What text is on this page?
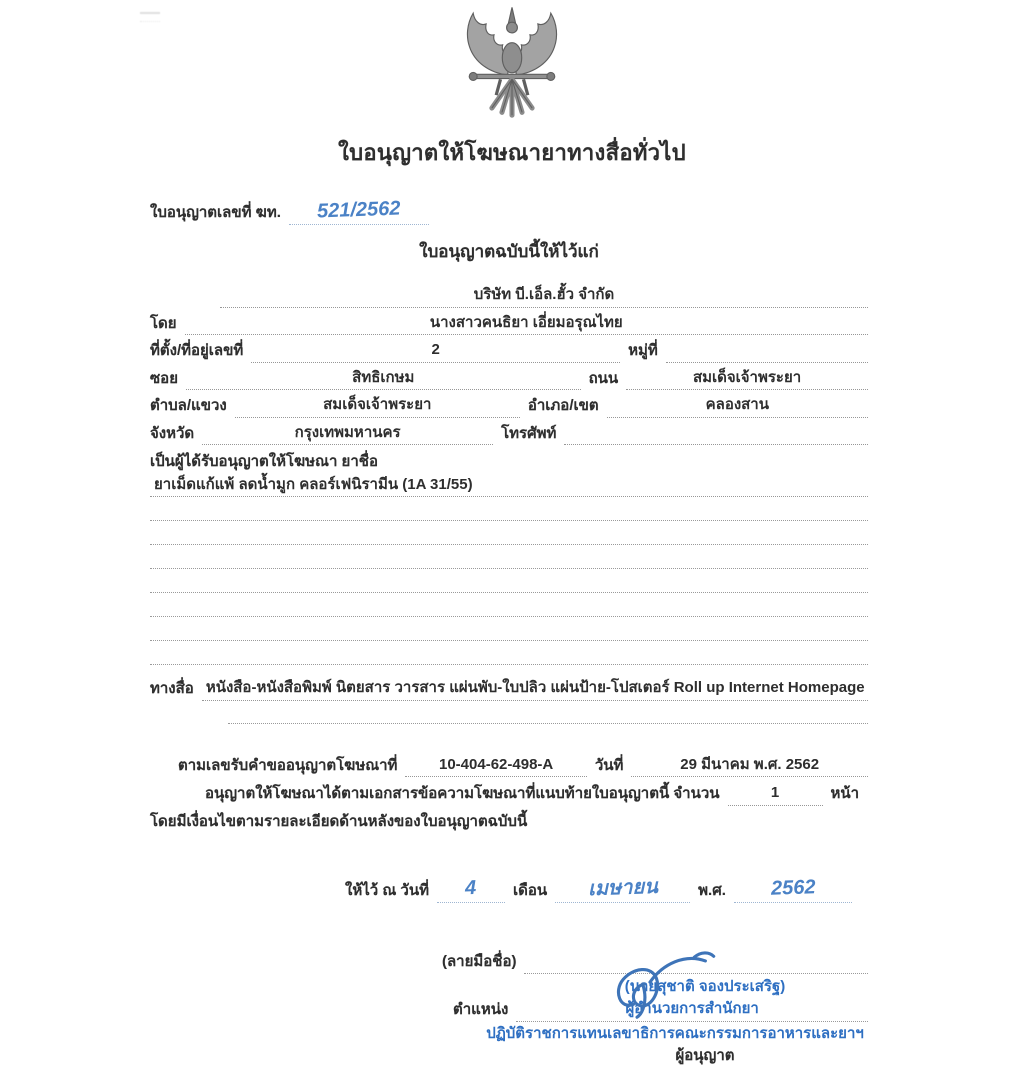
ใบอนุญาตให้โฆษณายาทางสื่อทั่วไป
ใบอนุญาตเลขที่ ฆท.	521/2562
ใบอนุญาตฉบับนี้ให้ไว้แก่
บริษัท บี.เอ็ล.ฮั้ว จำกัด
โดย	นางสาวคนธิยา เอี่ยมอรุณไทย
ที่ตั้ง/ที่อยู่เลขที่	2	หมู่ที่
ซอย	สิทธิเกษม	ถนน	สมเด็จเจ้าพระยา
ตำบล/แขวง	สมเด็จเจ้าพระยา	อำเภอ/เขต	คลองสาน
จังหวัด	กรุงเทพมหานคร	โทรศัพท์
เป็นผู้ได้รับอนุญาตให้โฆษณา ยาชื่อ
ยาเม็ดแก้แพ้ ลดน้ำมูก คลอร์เฟนิรามีน (1A 31/55)
ทางสื่อ หนังสือ-หนังสือพิมพ์ นิตยสาร วารสาร แผ่นพับ-ใบปลิว แผ่นป้าย-โปสเตอร์ Roll up Internet Homepage
ตามเลขรับคำขออนุญาตโฆษณาที่	10-404-62-498-A	วันที่	29 มีนาคม พ.ศ. 2562
อนุญาตให้โฆษณาได้ตามเอกสารข้อความโฆษณาที่แนบท้ายใบอนุญาตนี้ จำนวน	1	หน้า
โดยมีเงื่อนไขตามรายละเอียดด้านหลังของใบอนุญาตฉบับนี้
ให้ไว้ ณ วันที่	4	เดือน	เมษายน	พ.ศ.	2562
(ลายมือชื่อ)
(นายสุชาติ จองประเสริฐ)
ตำแหน่ง	ผู้อำนวยการสำนักยา
ปฏิบัติราชการแทนเลขาธิการคณะกรรมการอาหารและยาฯ
ผู้อนุญาต
